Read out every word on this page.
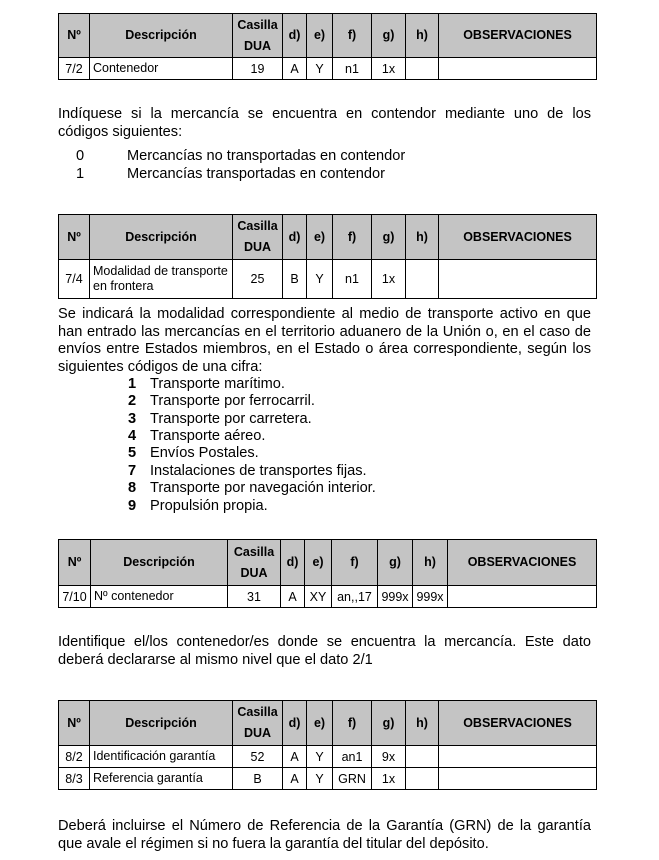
Nº	Descripción	Casilla DUA	d)	e)	f)	g)	h)	OBSERVACIONES
7/2	Contenedor	19	A	Y	n1	1x		
Indíquese si la mercancía se encuentra en contendor mediante uno de los códigos siguientes:
0	Mercancías no transportadas en contendor
1	Mercancías transportadas en contendor
Nº	Descripción	Casilla DUA	d)	e)	f)	g)	h)	OBSERVACIONES
7/4	Modalidad de transporte en frontera	25	B	Y	n1	1x		
Se indicará la modalidad correspondiente al medio de transporte activo en que han entrado las mercancías en el territorio aduanero de la Unión o, en el caso de envíos entre Estados miembros, en el Estado o área correspondiente, según los siguientes códigos de una cifra:
1 Transporte marítimo.
2 Transporte por ferrocarril.
3 Transporte por carretera.
4 Transporte aéreo.
5 Envíos Postales.
7 Instalaciones de transportes fijas.
8 Transporte por navegación interior.
9 Propulsión propia.
Nº	Descripción	Casilla DUA	d)	e)	f)	g)	h)	OBSERVACIONES
7/10	Nº contenedor	31	A	XY	an,,17	999x	999x	
Identifique el/los contenedor/es donde se encuentra la mercancía. Este dato deberá declararse al mismo nivel que el dato 2/1
Nº	Descripción	Casilla DUA	d)	e)	f)	g)	h)	OBSERVACIONES
8/2	Identificación garantía	52	A	Y	an1	9x		
8/3	Referencia garantía	B	A	Y	GRN	1x		
Deberá incluirse el Número de Referencia de la Garantía (GRN) de la garantía que avale el régimen si no fuera la garantía del titular del depósito.
